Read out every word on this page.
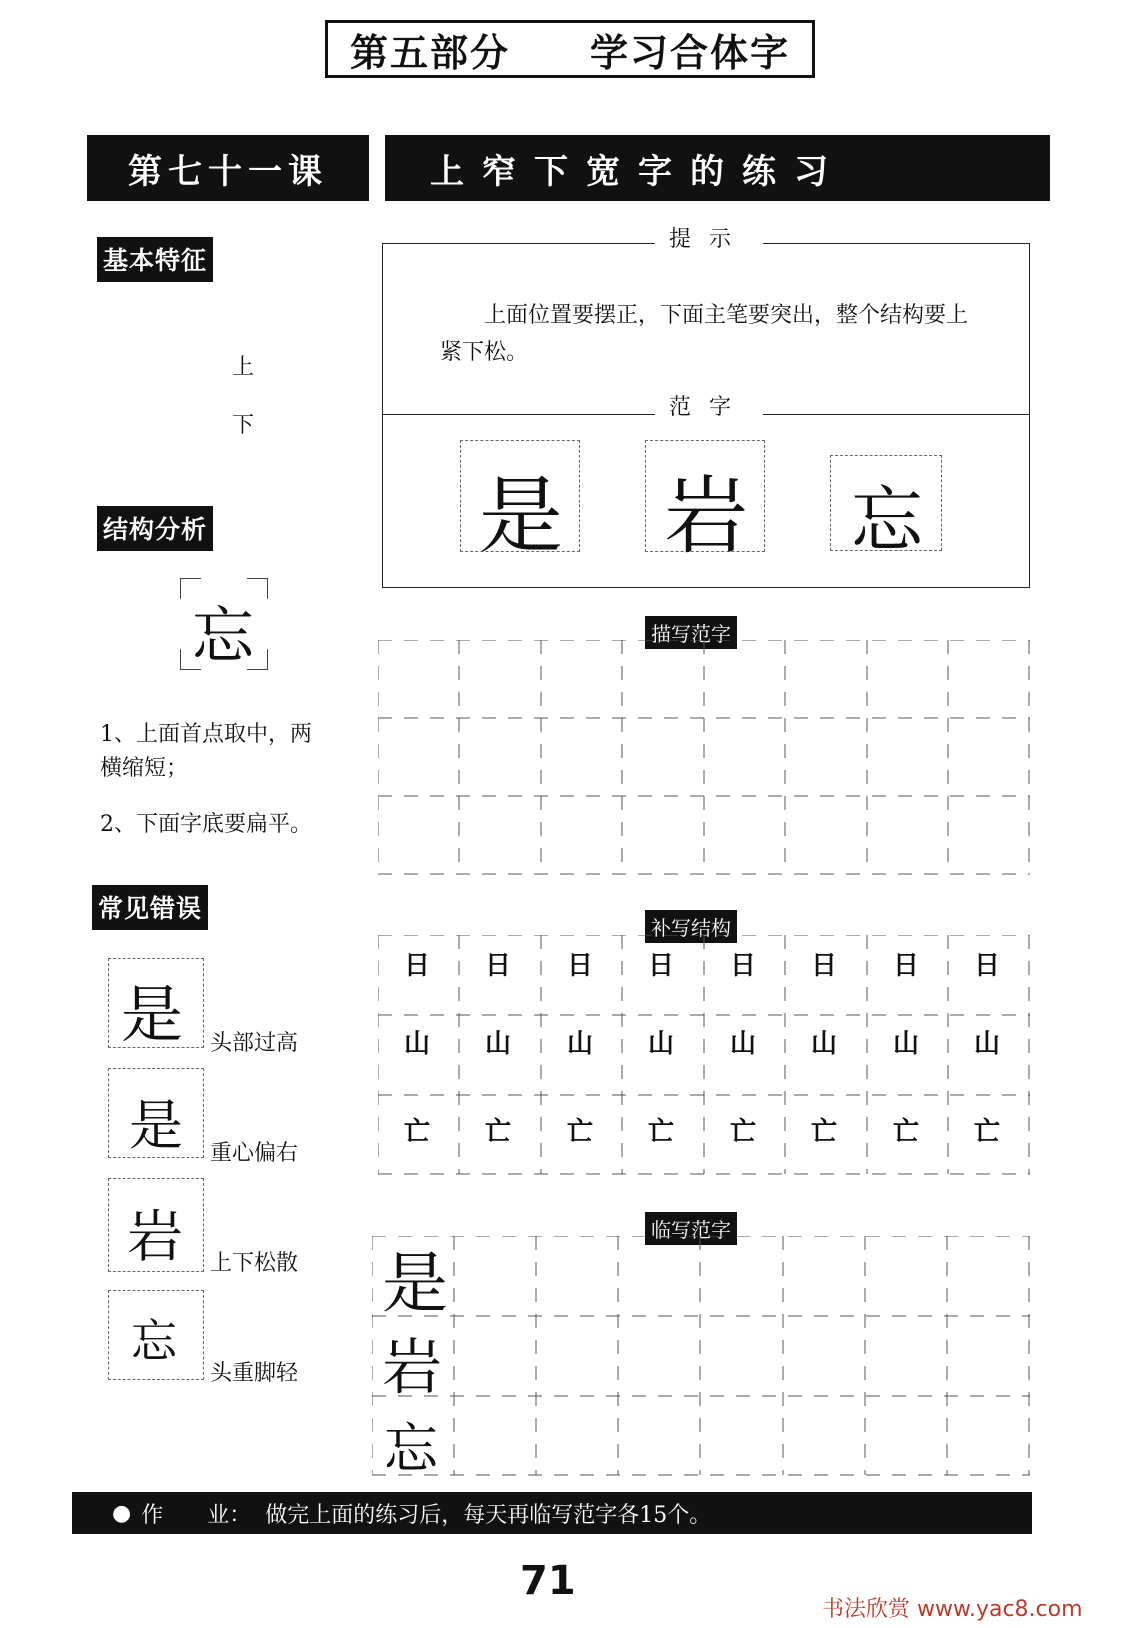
第五部分 学习合体字
第七十一课	上窄下宽字的练习
基本特征
上
下
结构分析
忘
1、上面首点取中，两横缩短；
2、下面字底要扁平。
常见错误
是 头部过高
是 重心偏右
岩 上下松散
忘
头重脚轻
提示
上面位置要摆正，下面主笔要突出，整个结构要上紧下松。
范字
是 岩 忘
描写范字
补写结构
日 日 日 日 日 日 日 日
山 山 山 山 山 山 山 山
亡 亡 亡 亡 亡 亡 亡 亡
临写范字
是
岩
忘
● 作　　业： 做完上面的练习后，每天再临写范字各15个。
71
书法欣赏 www.yac8.com
